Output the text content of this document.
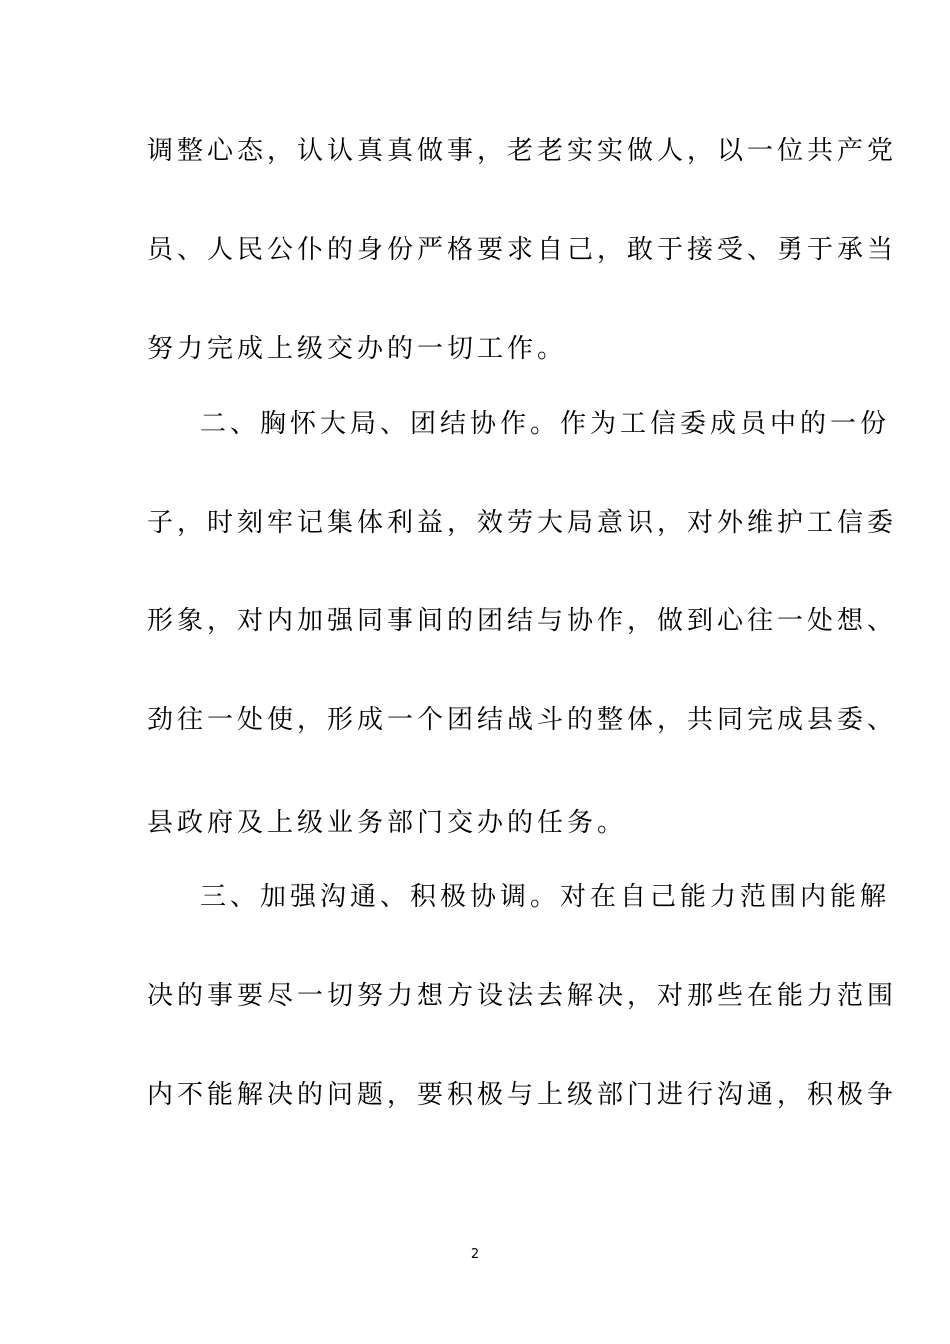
调整心态，认认真真做事，老老实实做人，以一位共产党
员、人民公仆的身份严格要求自己，敢于接受、勇于承当
努力完成上级交办的一切工作。
二、胸怀大局、团结协作。作为工信委成员中的一份
子，时刻牢记集体利益，效劳大局意识，对外维护工信委
形象，对内加强同事间的团结与协作，做到心往一处想、
劲往一处使，形成一个团结战斗的整体，共同完成县委、
县政府及上级业务部门交办的任务。
三、加强沟通、积极协调。对在自己能力范围内能解
决的事要尽一切努力想方设法去解决，对那些在能力范围
内不能解决的问题，要积极与上级部门进行沟通，积极争
2
